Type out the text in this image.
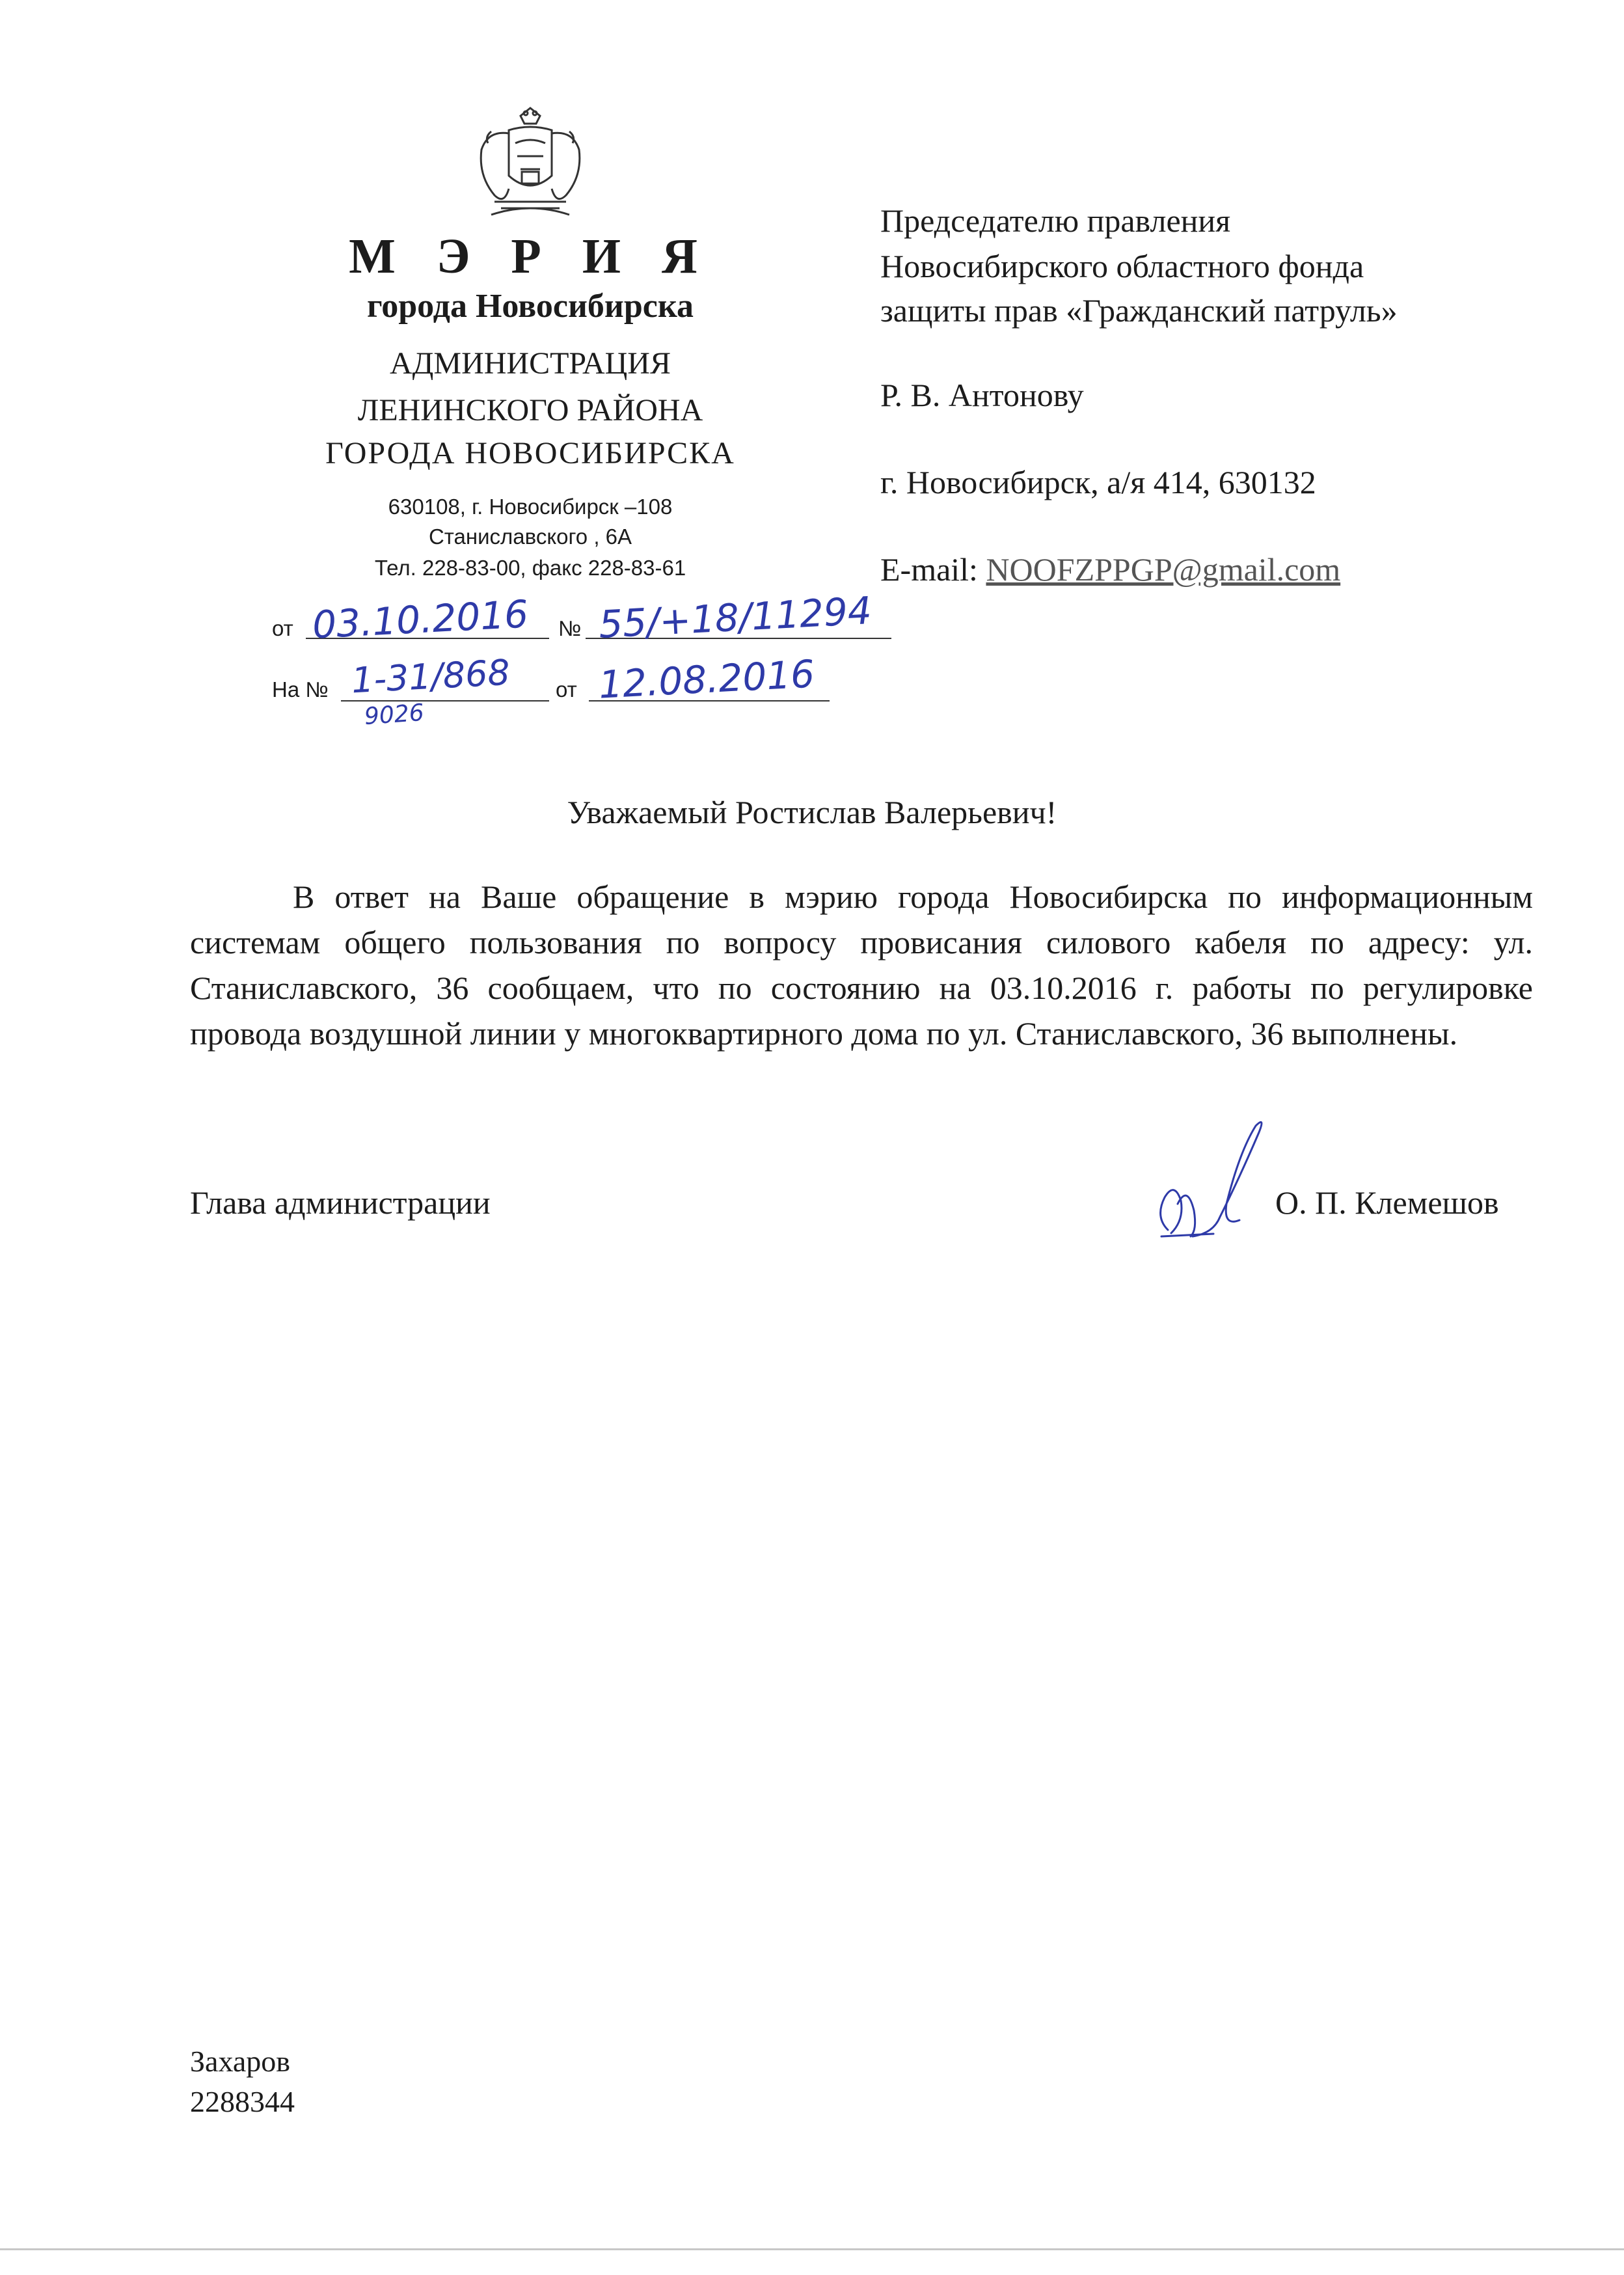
М Э Р И Я
города Новосибирска
АДМИНИСТРАЦИЯ
ЛЕНИНСКОГО РАЙОНА
ГОРОДА НОВОСИБИРСКА
630108, г. Новосибирск –108
Станиславского , 6А
Тел. 228-83-00, факс 228-83-61
от 03.10.2016 № 55/+18/11294
На № 1-31/868
9026
от 12.08.2016
Председателю правления
Новосибирского областного фонда
защиты прав «Гражданский патруль»
Р. В. Антонову
г. Новосибирск, а/я 414, 630132
E-mail: NOOFZPPGP@gmail.com
Уважаемый Ростислав Валерьевич!
В ответ на Ваше обращение в мэрию города Новосибирска по информационным системам общего пользования по вопросу провисания силового кабеля по адресу: ул. Станиславского, 36 сообщаем, что по состоянию на 03.10.2016 г. работы по регулировке провода воздушной линии у многоквартирного дома по ул. Станиславского, 36 выполнены.
Глава администрации	О. П. Клемешов
Захаров
2288344
